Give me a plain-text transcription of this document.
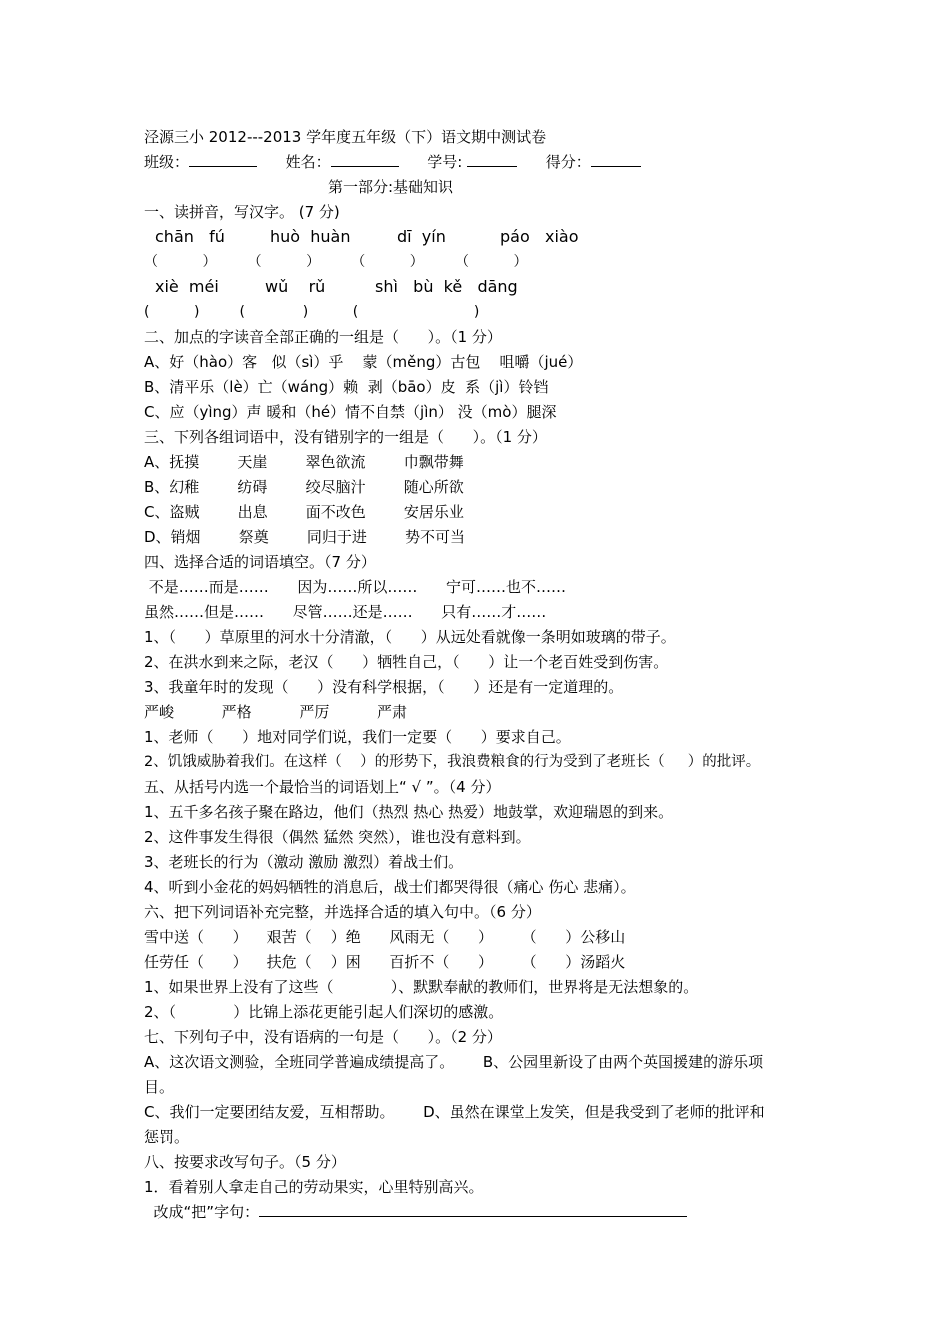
泾源三小 2012---2013 学年度五年级（下）语文期中测试卷
班级：	姓名：	学号:	得分：
第一部分:基础知识
一、读拼音，写汉字。 (7 分)
chān   fú	huò  huàn	dī  yín	páo   xiào
（          ）       （          ）       （          ）       （          ）
xiè  méi	wǔ    rǔ	shì   bù  kě   dāng
(          )         (             )          (                          )
二、加点的字读音全部正确的一组是（      ）。（1 分）
A、好（hào）客   似（sì）乎    蒙（měng）古包    咀嚼（jué）
B、清平乐（lè）亡（wáng）赖  剥（bāo）皮  系（jì）铃铛
C、应（yìng）声 暖和（hé）情不自禁（jìn） 没（mò）腿深
三、下列各组词语中，没有错别字的一组是（      ）。（1 分）
A、抚摸        天崖        翠色欲流        巾飘带舞
B、幻稚        纺碍        绞尽脑汁        随心所欲
C、盗贼        出息        面不改色        安居乐业
D、销烟        祭奠        同归于进        势不可当
四、选择合适的词语填空。（7 分）
不是……而是……      因为……所以……      宁可……也不……
虽然……但是……      尽管……还是……      只有……才……
1、（      ）草原里的河水十分清澈，（      ）从远处看就像一条明如玻璃的带子。
2、在洪水到来之际，老汉（      ）牺牲自己，（      ）让一个老百姓受到伤害。
3、我童年时的发现（      ）没有科学根据，（      ）还是有一定道理的。
严峻          严格          严厉          严肃
1、老师（      ）地对同学们说，我们一定要（      ）要求自己。
2、饥饿威胁着我们。在这样（    ）的形势下，我浪费粮食的行为受到了老班长（     ）的批评。
五、从括号内选一个最恰当的词语划上“ √ ”。（4 分）
1、五千多名孩子聚在路边，他们（热烈 热心 热爱）地鼓掌，欢迎瑞恩的到来。
2、这件事发生得很（偶然 猛然 突然），谁也没有意料到。
3、老班长的行为（激动 激励 激烈）着战士们。
4、听到小金花的妈妈牺牲的消息后，战士们都哭得很（痛心 伤心 悲痛）。
六、把下列词语补充完整，并选择合适的填入句中。（6 分）
雪中送（      ）    艰苦（    ）绝      风雨无（      ）      （      ）公移山
任劳任（      ）    扶危（    ）困      百折不（      ）      （      ）汤蹈火
1、如果世界上没有了这些（            ）、默默奉献的教师们，世界将是无法想象的。
2、（            ）比锦上添花更能引起人们深切的感激。
七、下列句子中，没有语病的一句是（      ）。（2 分）
A、这次语文测验，全班同学普遍成绩提高了。      B、公园里新设了由两个英国援建的游乐项
目。
C、我们一定要团结友爱，互相帮助。      D、虽然在课堂上发笑，但是我受到了老师的批评和
惩罚。
八、按要求改写句子。（5 分）
1．看着别人拿走自己的劳动果实，心里特别高兴。
改成“把”字句：
